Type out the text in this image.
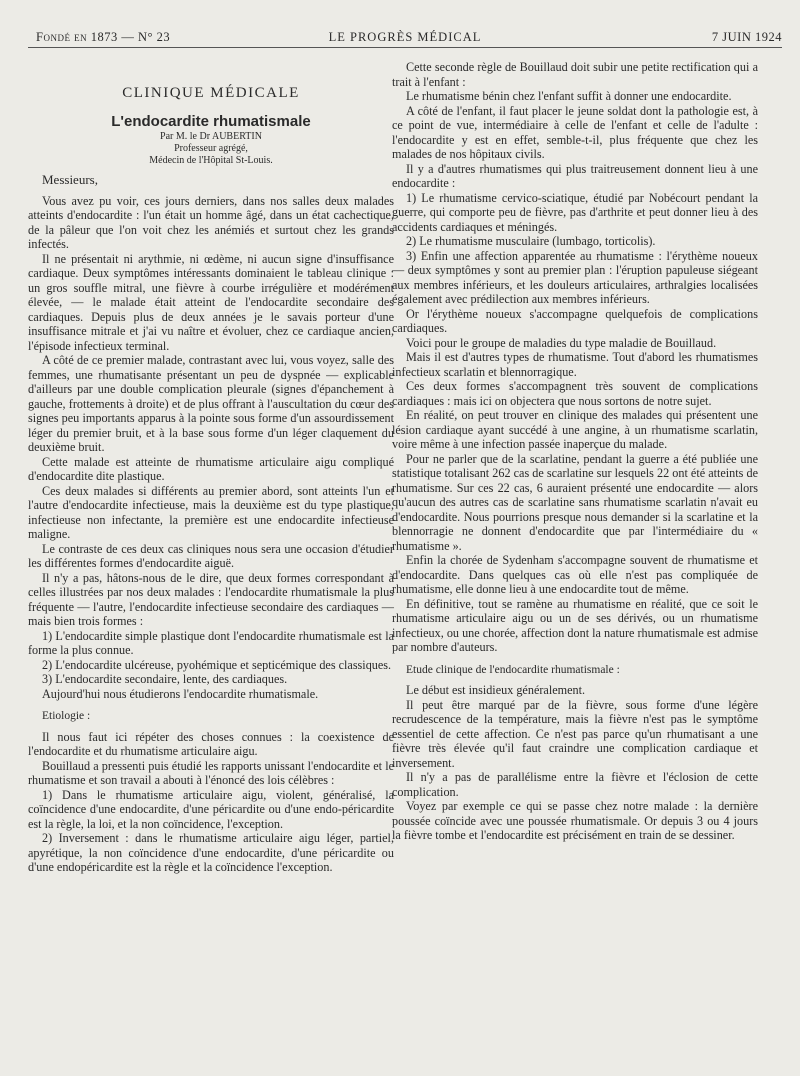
Fondé en 1873 — N° 23	LE PROGRÈS MÉDICAL	7 JUIN 1924
CLINIQUE MÉDICALE
L'endocardite rhumatismale
Par M. le Dr AUBERTIN
Professeur agrégé,
Médecin de l'Hôpital St-Louis.
Messieurs,

Vous avez pu voir, ces jours derniers, dans nos salles deux malades atteints d'endocardite : l'un était un homme âgé, dans un état cachectique, de la pâleur que l'on voit chez les anémiés et surtout chez les grands infectés.

Il ne présentait ni arythmie, ni œdème, ni aucun signe d'insuffisance cardiaque. Deux symptômes intéressants dominaient le tableau clinique : un gros souffle mitral, une fièvre à courbe irrégulière et modérément élevée, — le malade était atteint de l'endocardite secondaire des cardiaques. Depuis plus de deux années je le savais porteur d'une insuffisance mitrale et j'ai vu naître et évoluer, chez ce cardiaque ancien, l'épisode infectieux terminal.

A côté de ce premier malade, contrastant avec lui, vous voyez, salle des femmes, une rhumatisante présentant un peu de dyspnée — explicable d'ailleurs par une double complication pleurale (signes d'épanchement à gauche, frottements à droite) et de plus offrant à l'auscultation du cœur des signes peu importants apparus à la pointe sous forme d'un assourdissement léger du premier bruit, et à la base sous forme d'un léger claquement du deuxième bruit.

Cette malade est atteinte de rhumatisme articulaire aigu compliqué d'endocardite dite plastique.

Ces deux malades si différents au premier abord, sont atteints l'un et l'autre d'endocardite infectieuse, mais la deuxième est du type plastique, infectieuse non infectante, la première est une endocardite infectieuse maligne.

Le contraste de ces deux cas cliniques nous sera une occasion d'étudier les différentes formes d'endocardite aiguë.

Il n'y a pas, hâtons-nous de le dire, que deux formes correspondant à celles illustrées par nos deux malades : l'endocardite rhumatismale la plus fréquente — l'autre, l'endocardite infectieuse secondaire des cardiaques — mais bien trois formes :

1) L'endocardite simple plastique dont l'endocardite rhumatismale est la forme la plus connue.

2) L'endocardite ulcéreuse, pyohémique et septicémique des classiques.

3) L'endocardite secondaire, lente, des cardiaques.

Aujourd'hui nous étudierons l'endocardite rhumatismale.

Etiologie :

Il nous faut ici répéter des choses connues : la coexistence de l'endocardite et du rhumatisme articulaire aigu.

Bouillaud a pressenti puis étudié les rapports unissant l'endocardite et le rhumatisme et son travail a abouti à l'énoncé des lois célèbres :

1) Dans le rhumatisme articulaire aigu, violent, généralisé, la coïncidence d'une endocardite, d'une péricardite ou d'une endo-péricardite est la règle, la loi, et la non coïncidence, l'exception.

2) Inversement : dans le rhumatisme articulaire aigu léger, partiel, apyrétique, la non coïncidence d'une endocardite, d'une péricardite ou d'une endopéricardite est la règle et la coïncidence l'exception.

Cette seconde règle de Bouillaud doit subir une petite rectification qui a trait à l'enfant :

Le rhumatisme bénin chez l'enfant suffit à donner une endocardite.

A côté de l'enfant, il faut placer le jeune soldat dont la pathologie est, à ce point de vue, intermédiaire à celle de l'enfant et celle de l'adulte : l'endocardite y est en effet, semble-t-il, plus fréquente que chez les malades de nos hôpitaux civils.

Il y a d'autres rhumatismes qui plus traitreusement donnent lieu à une endocardite :

1) Le rhumatisme cervico-sciatique, étudié par Nobécourt pendant la guerre, qui comporte peu de fièvre, pas d'arthrite et peut donner lieu à des accidents cardiaques et méningés.

2) Le rhumatisme musculaire (lumbago, torticolis).

3) Enfin une affection apparentée au rhumatisme : l'érythème noueux — deux symptômes y sont au premier plan : l'éruption papuleuse siégeant aux membres inférieurs, et les douleurs articulaires, arthralgies localisées également avec prédilection aux membres inférieurs.

Or l'érythème noueux s'accompagne quelquefois de complications cardiaques.

Voici pour le groupe de maladies du type maladie de Bouillaud.

Mais il est d'autres types de rhumatisme. Tout d'abord les rhumatismes infectieux scarlatin et blennorragique.

Ces deux formes s'accompagnent très souvent de complications cardiaques : mais ici on objectera que nous sortons de notre sujet.

En réalité, on peut trouver en clinique des malades qui présentent une lésion cardiaque ayant succédé à une angine, à un rhumatisme scarlatin, voire même à une infection passée inaperçue du malade.

Pour ne parler que de la scarlatine, pendant la guerre a été publiée une statistique totalisant 262 cas de scarlatine sur lesquels 22 ont été atteints de rhumatisme. Sur ces 22 cas, 6 auraient présenté une endocardite — alors qu'aucun des autres cas de scarlatine sans rhumatisme scarlatin n'avait eu d'endocardite. Nous pourrions presque nous demander si la scarlatine et la blennorragie ne donnent d'endocardite que par l'intermédiaire du « rhumatisme ».

Enfin la chorée de Sydenham s'accompagne souvent de rhumatisme et d'endocardite. Dans quelques cas où elle n'est pas compliquée de rhumatisme, elle donne lieu à une endocardite tout de même.

En définitive, tout se ramène au rhumatisme en réalité, que ce soit le rhumatisme articulaire aigu ou un de ses dérivés, ou un rhumatisme infectieux, ou une chorée, affection dont la nature rhumatismale est admise par nombre d'auteurs.

Etude clinique de l'endocardite rhumatismale :

Le début est insidieux généralement.

Il peut être marqué par de la fièvre, sous forme d'une légère recrudescence de la température, mais la fièvre n'est pas le symptôme essentiel de cette affection. Ce n'est pas parce qu'un rhumatisant a une fièvre très élevée qu'il faut craindre une complication cardiaque et inversement.

Il n'y a pas de parallélisme entre la fièvre et l'éclosion de cette complication.

Voyez par exemple ce qui se passe chez notre malade : la dernière poussée coïncide avec une poussée rhumatismale. Or depuis 3 ou 4 jours la fièvre tombe et l'endocardite est précisément en train de se dessiner.
